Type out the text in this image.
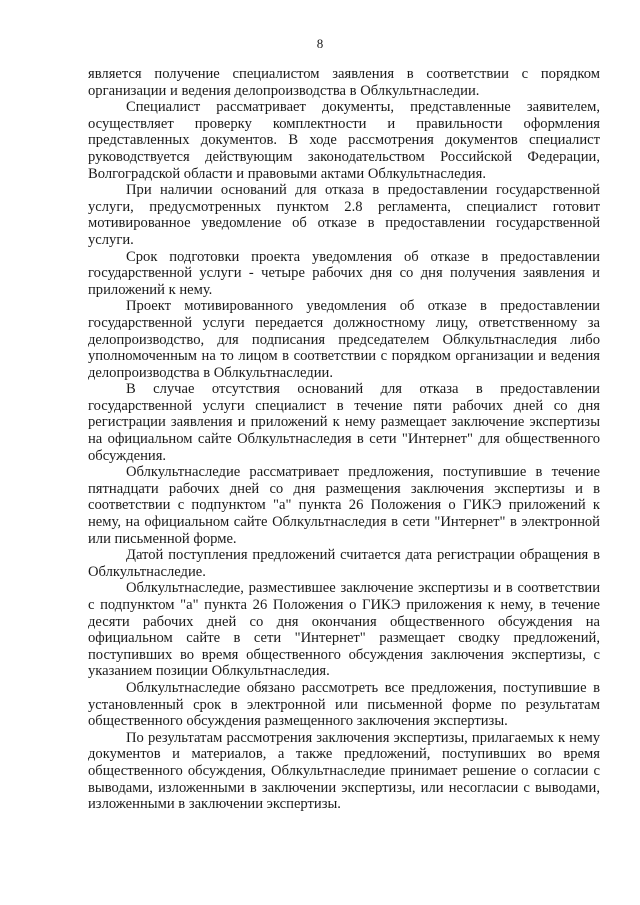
8

является получение специалистом заявления в соответствии с порядком организации и ведения делопроизводства в Облкультнаследии.

Специалист рассматривает документы, представленные заявителем, осуществляет проверку комплектности и правильности оформления представленных документов. В ходе рассмотрения документов специалист руководствуется действующим законодательством Российской Федерации, Волгоградской области и правовыми актами Облкультнаследия.

При наличии оснований для отказа в предоставлении государственной услуги, предусмотренных пунктом 2.8 регламента, специалист готовит мотивированное уведомление об отказе в предоставлении государственной услуги.

Срок подготовки проекта уведомления об отказе в предоставлении государственной услуги - четыре рабочих дня со дня получения заявления и приложений к нему.

Проект мотивированного уведомления об отказе в предоставлении государственной услуги передается должностному лицу, ответственному за делопроизводство, для подписания председателем Облкультнаследия либо уполномоченным на то лицом в соответствии с порядком организации и ведения делопроизводства в Облкультнаследии.

В случае отсутствия оснований для отказа в предоставлении государственной услуги специалист в течение пяти рабочих дней со дня регистрации заявления и приложений к нему размещает заключение экспертизы на официальном сайте Облкультнаследия в сети "Интернет" для общественного обсуждения.

Облкультнаследие рассматривает предложения, поступившие в течение пятнадцати рабочих дней со дня размещения заключения экспертизы и в соответствии с подпунктом "а" пункта 26 Положения о ГИКЭ приложений к нему, на официальном сайте Облкультнаследия в сети "Интернет" в электронной или письменной форме.

Датой поступления предложений считается дата регистрации обращения в Облкультнаследие.

Облкультнаследие, разместившее заключение экспертизы и в соответствии с подпунктом "а" пункта 26 Положения о ГИКЭ приложения к нему, в течение десяти рабочих дней со дня окончания общественного обсуждения на официальном сайте в сети "Интернет" размещает сводку предложений, поступивших во время общественного обсуждения заключения экспертизы, с указанием позиции Облкультнаследия.

Облкультнаследие обязано рассмотреть все предложения, поступившие в установленный срок в электронной или письменной форме по результатам общественного обсуждения размещенного заключения экспертизы.

По результатам рассмотрения заключения экспертизы, прилагаемых к нему документов и материалов, а также предложений, поступивших во время общественного обсуждения, Облкультнаследие принимает решение о согласии с выводами, изложенными в заключении экспертизы, или несогласии с выводами, изложенными в заключении экспертизы.
